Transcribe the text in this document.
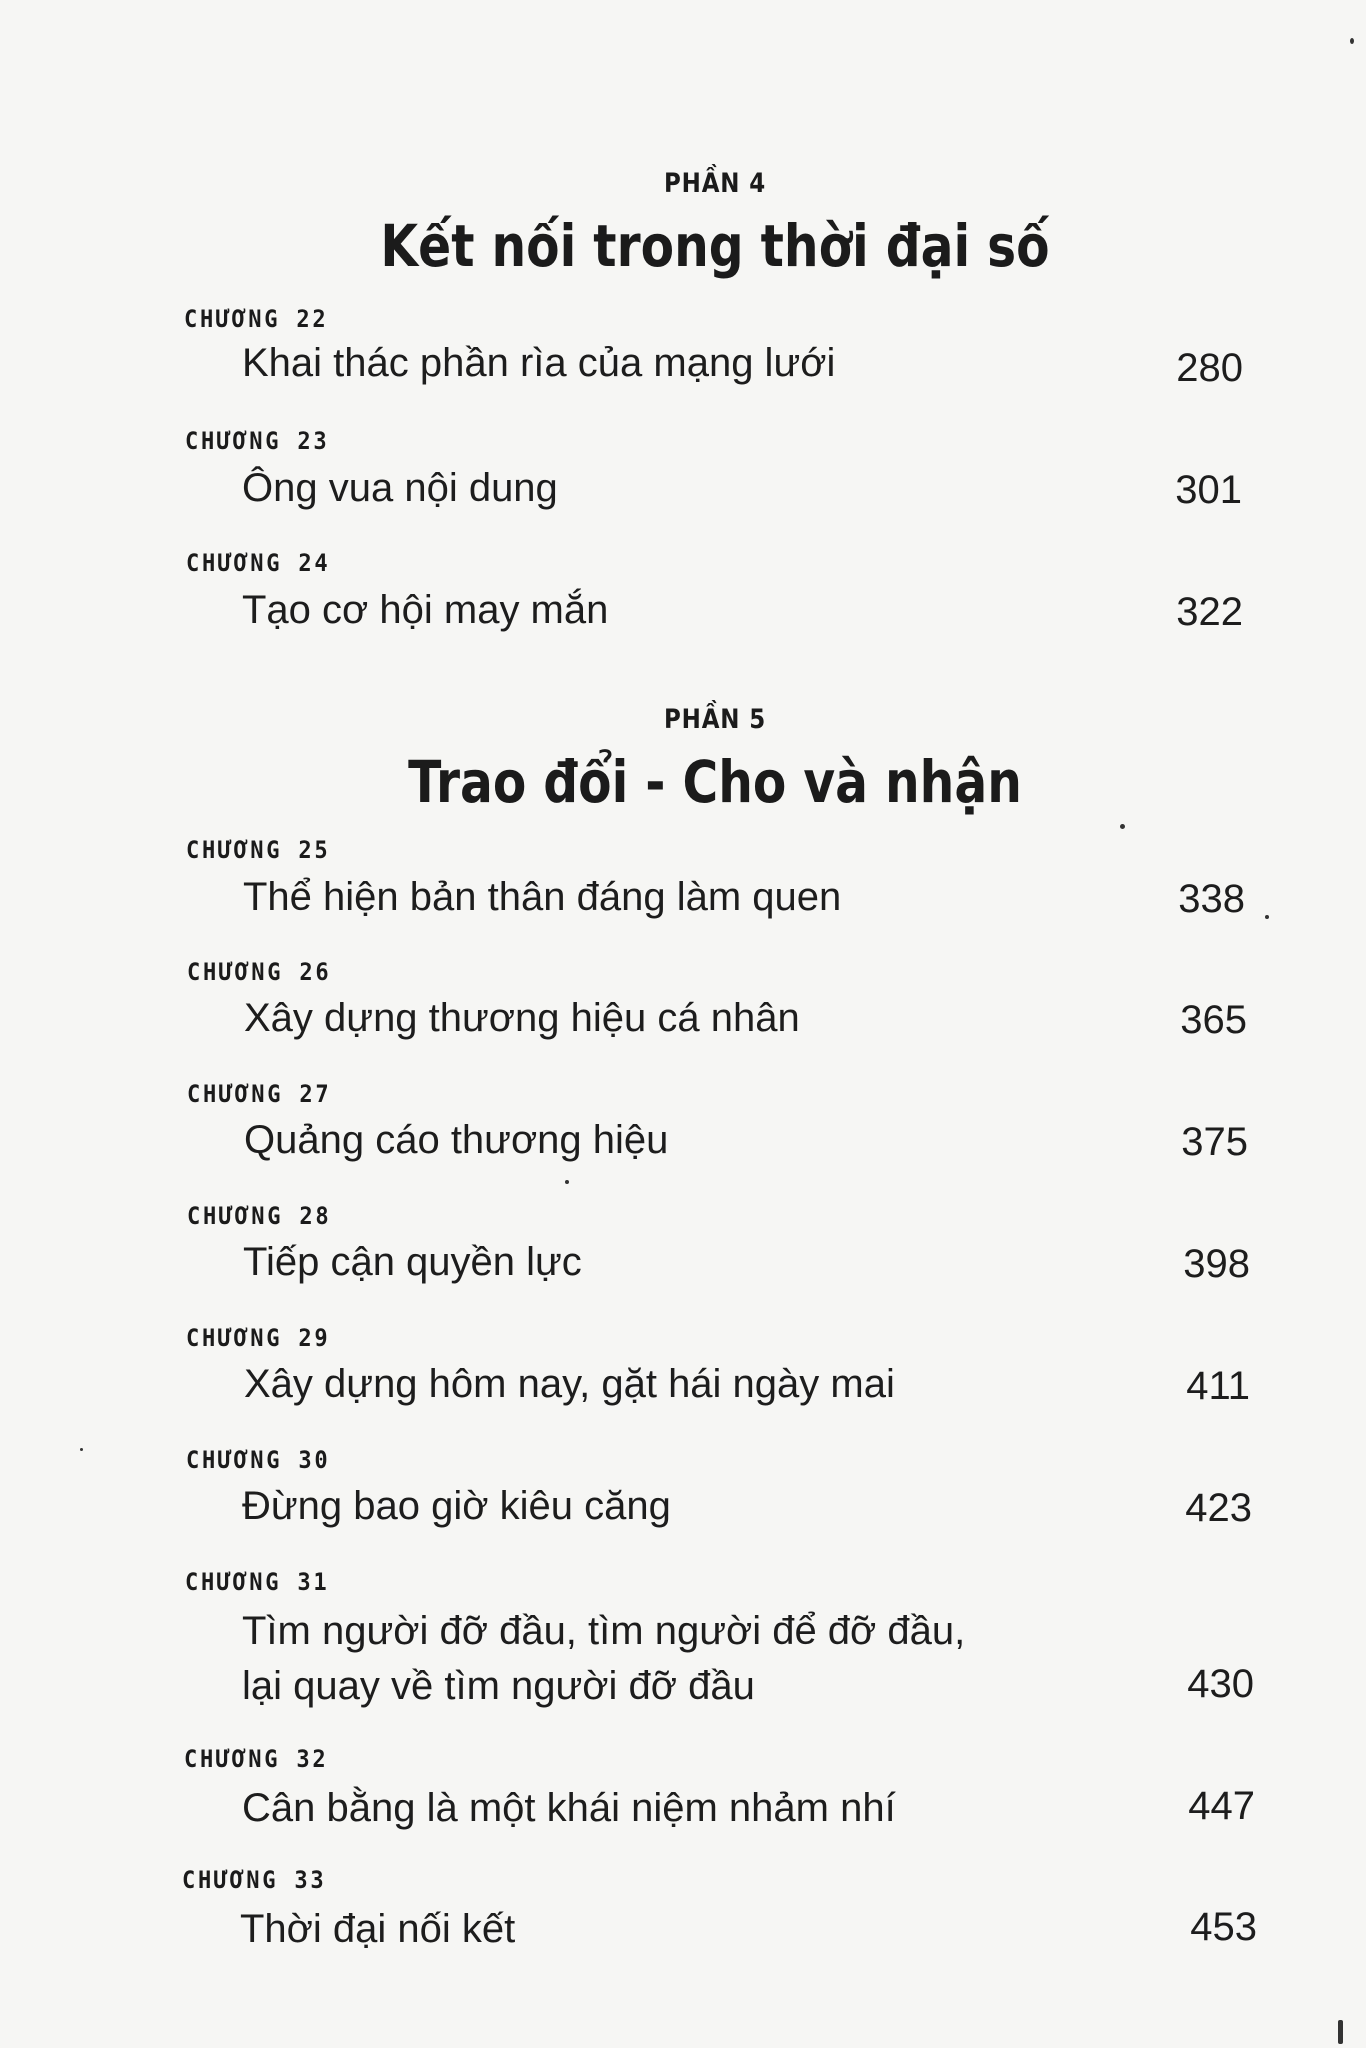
PHẦN 4
Kết nối trong thời đại số
CHƯƠNG 22
Khai thác phần rìa của mạng lưới	280
CHƯƠNG 23
Ông vua nội dung	301
CHƯƠNG 24
Tạo cơ hội may mắn	322
PHẦN 5
Trao đổi - Cho và nhận
CHƯƠNG 25
Thể hiện bản thân đáng làm quen	338
CHƯƠNG 26
Xây dựng thương hiệu cá nhân	365
CHƯƠNG 27
Quảng cáo thương hiệu	375
CHƯƠNG 28
Tiếp cận quyền lực	398
CHƯƠNG 29
Xây dựng hôm nay, gặt hái ngày mai	411
CHƯƠNG 30
Đừng bao giờ kiêu căng	423
CHƯƠNG 31
Tìm người đỡ đầu, tìm người để đỡ đầu,
lại quay về tìm người đỡ đầu	430
CHƯƠNG 32
Cân bằng là một khái niệm nhảm nhí	447
CHƯƠNG 33
Thời đại nối kết	453
